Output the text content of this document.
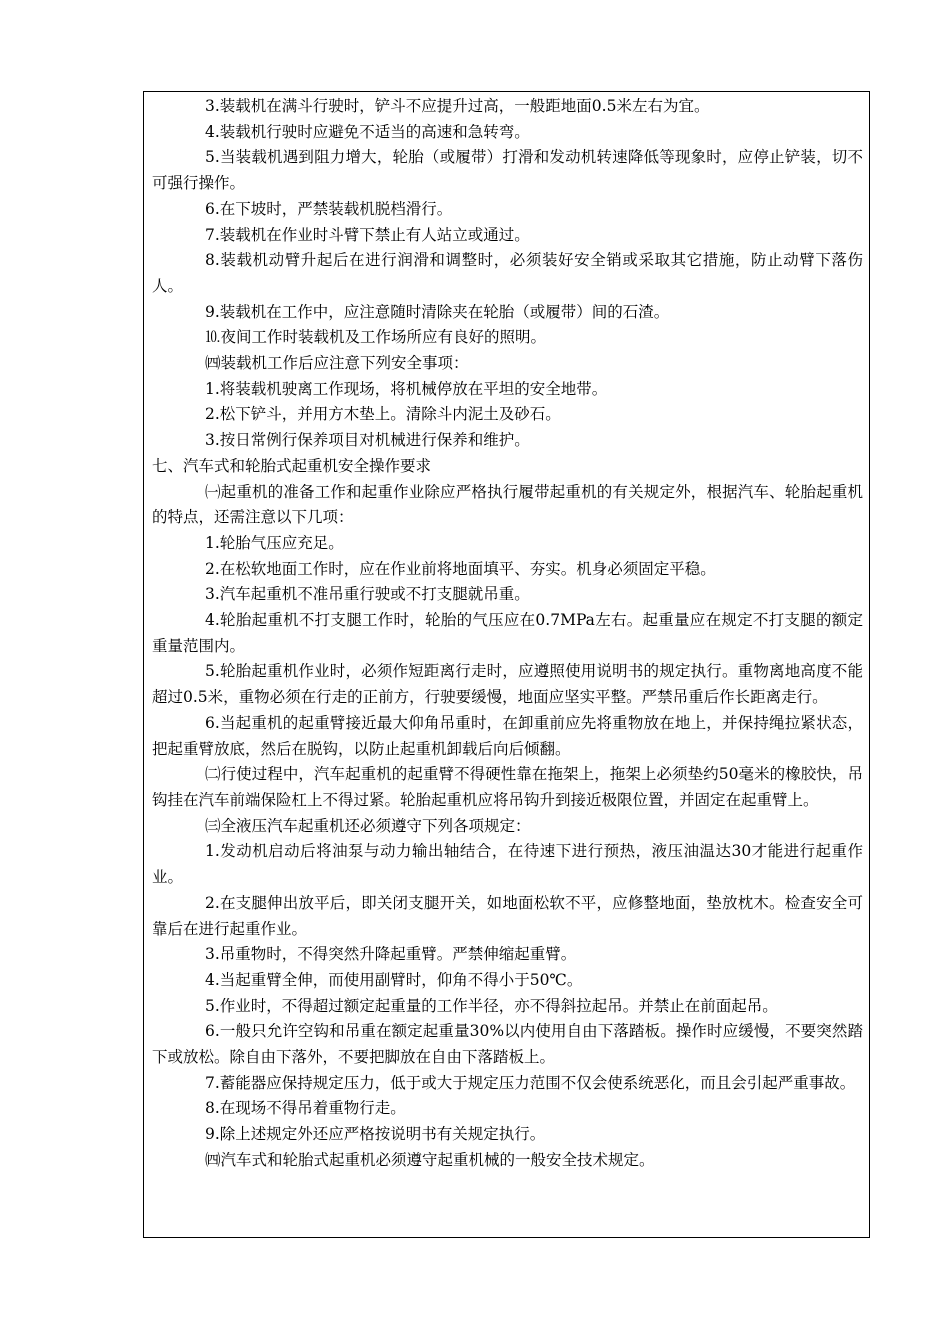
3.装载机在满斗行驶时，铲斗不应提升过高，一般距地面0.5米左右为宜。

4.装载机行驶时应避免不适当的高速和急转弯。

5.当装载机遇到阻力增大，轮胎（或履带）打滑和发动机转速降低等现象时，应停止铲装，切不可强行操作。

6.在下坡时，严禁装载机脱档滑行。

7.装载机在作业时斗臂下禁止有人站立或通过。

8.装载机动臂升起后在进行润滑和调整时，必须装好安全销或采取其它措施，防止动臂下落伤人。

9.装载机在工作中，应注意随时清除夹在轮胎（或履带）间的石渣。

⒑夜间工作时装载机及工作场所应有良好的照明。

㈣装载机工作后应注意下列安全事项：

1.将装载机驶离工作现场，将机械停放在平坦的安全地带。

2.松下铲斗，并用方木垫上。清除斗内泥土及砂石。

3.按日常例行保养项目对机械进行保养和维护。

七、汽车式和轮胎式起重机安全操作要求

㈠起重机的准备工作和起重作业除应严格执行履带起重机的有关规定外，根据汽车、轮胎起重机的特点，还需注意以下几项：

1.轮胎气压应充足。

2.在松软地面工作时，应在作业前将地面填平、夯实。机身必须固定平稳。

3.汽车起重机不准吊重行驶或不打支腿就吊重。

4.轮胎起重机不打支腿工作时，轮胎的气压应在0.7MPa左右。起重量应在规定不打支腿的额定重量范围内。

5.轮胎起重机作业时，必须作短距离行走时，应遵照使用说明书的规定执行。重物离地高度不能超过0.5米，重物必须在行走的正前方，行驶要缓慢，地面应坚实平整。严禁吊重后作长距离走行。

6.当起重机的起重臂接近最大仰角吊重时，在卸重前应先将重物放在地上，并保持绳拉紧状态，把起重臂放底，然后在脱钩，以防止起重机卸载后向后倾翻。

㈡行使过程中，汽车起重机的起重臂不得硬性靠在拖架上，拖架上必须垫约50毫米的橡胶快，吊钩挂在汽车前端保险杠上不得过紧。轮胎起重机应将吊钩升到接近极限位置，并固定在起重臂上。

㈢全液压汽车起重机还必须遵守下列各项规定：

1.发动机启动后将油泵与动力输出轴结合，在待速下进行预热，液压油温达30才能进行起重作业。

2.在支腿伸出放平后，即关闭支腿开关，如地面松软不平，应修整地面，垫放枕木。检查安全可靠后在进行起重作业。

3.吊重物时，不得突然升降起重臂。严禁伸缩起重臂。

4.当起重臂全伸，而使用副臂时，仰角不得小于50℃。

5.作业时，不得超过额定起重量的工作半径，亦不得斜拉起吊。并禁止在前面起吊。

6.一般只允许空钩和吊重在额定起重量30%以内使用自由下落踏板。操作时应缓慢，不要突然踏下或放松。除自由下落外，不要把脚放在自由下落踏板上。

7.蓄能器应保持规定压力，低于或大于规定压力范围不仅会使系统恶化，而且会引起严重事故。

8.在现场不得吊着重物行走。

9.除上述规定外还应严格按说明书有关规定执行。

㈣汽车式和轮胎式起重机必须遵守起重机械的一般安全技术规定。
